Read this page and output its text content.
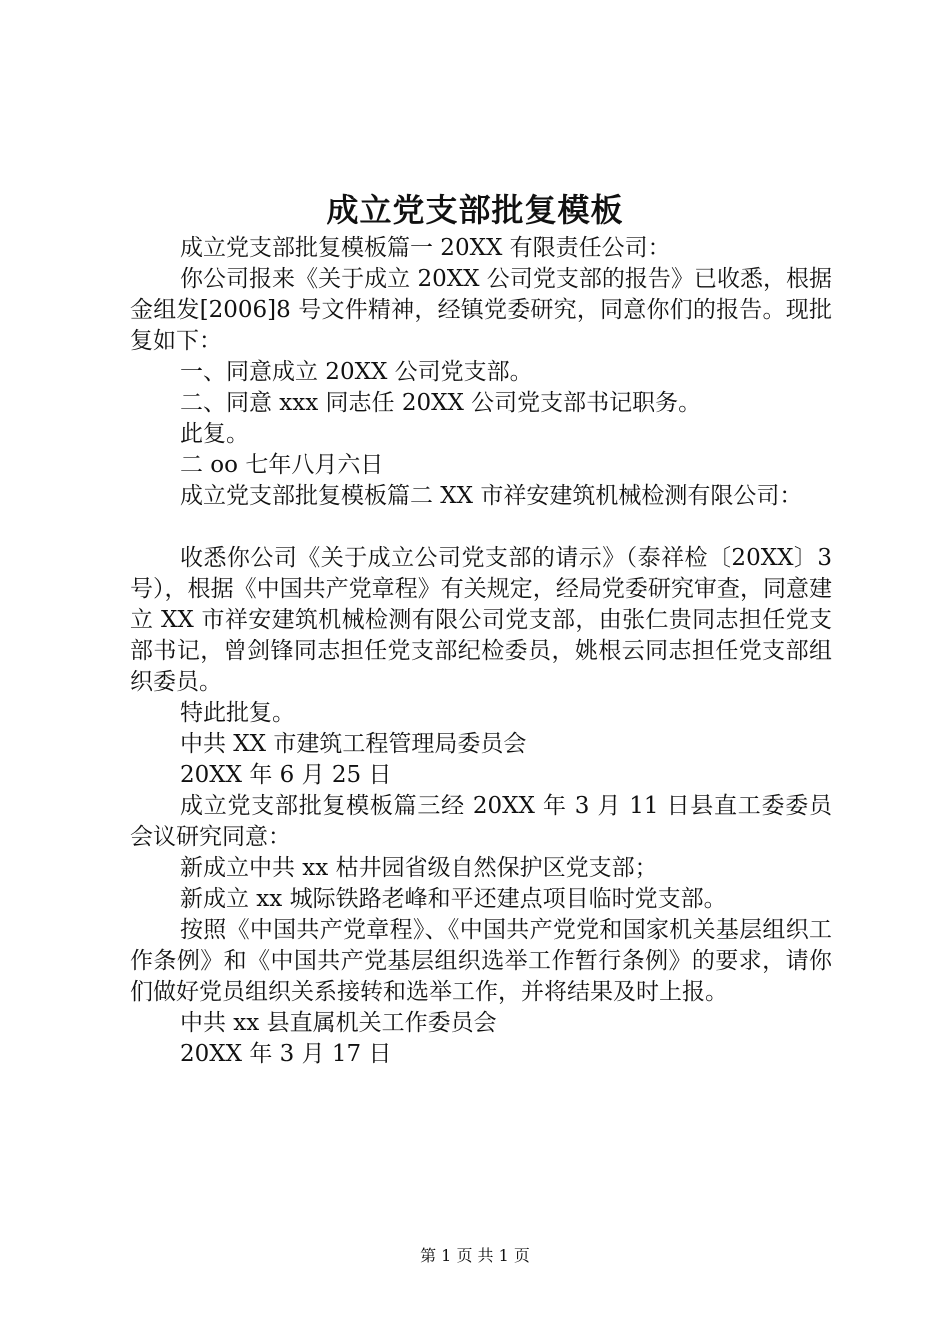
成立党支部批复模板

成立党支部批复模板篇一 20XX 有限责任公司：

你公司报来《关于成立 20XX 公司党支部的报告》已收悉，根据金组发[2006]8 号文件精神，经镇党委研究，同意你们的报告。现批复如下：

一、同意成立 20XX 公司党支部。

二、同意 xxx 同志任 20XX 公司党支部书记职务。

此复。

二 oo 七年八月六日

成立党支部批复模板篇二 XX 市祥安建筑机械检测有限公司：

收悉你公司《关于成立公司党支部的请示》（泰祥检〔20XX〕3 号），根据《中国共产党章程》有关规定，经局党委研究审查，同意建立 XX 市祥安建筑机械检测有限公司党支部，由张仁贵同志担任党支部书记，曾剑锋同志担任党支部纪检委员，姚根云同志担任党支部组织委员。

特此批复。

中共 XX 市建筑工程管理局委员会

20XX 年 6 月 25 日

成立党支部批复模板篇三经 20XX 年 3 月 11 日县直工委委员会议研究同意：

新成立中共 xx 枯井园省级自然保护区党支部；

新成立 xx 城际铁路老峰和平还建点项目临时党支部。

按照《中国共产党章程》、《中国共产党党和国家机关基层组织工作条例》和《中国共产党基层组织选举工作暂行条例》的要求，请你们做好党员组织关系接转和选举工作，并将结果及时上报。

中共 xx 县直属机关工作委员会

20XX 年 3 月 17 日

第 1 页 共 1 页
